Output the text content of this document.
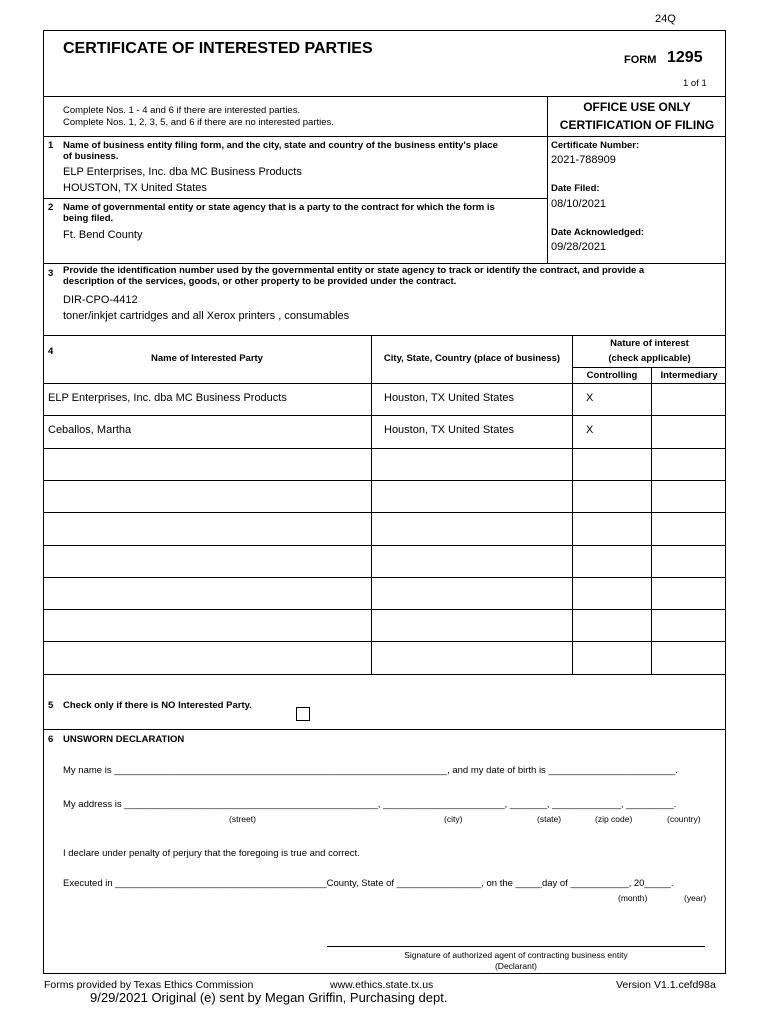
24Q
CERTIFICATE OF INTERESTED PARTIES
FORM 1295
1 of 1
Complete Nos. 1 - 4 and 6 if there are interested parties.
Complete Nos. 1, 2, 3, 5, and 6 if there are no interested parties.
OFFICE USE ONLY
CERTIFICATION OF FILING
Certificate Number:
2021-788909
Date Filed:
08/10/2021
Date Acknowledged:
09/28/2021
1 Name of business entity filing form, and the city, state and country of the business entity's place
of business.
ELP Enterprises, Inc. dba MC Business Products
HOUSTON, TX United States
2 Name of governmental entity or state agency that is a party to the contract for which the form is
being filed.
Ft. Bend County
3 Provide the identification number used by the governmental entity or state agency to track or identify the contract, and provide a
description of the services, goods, or other property to be provided under the contract.
DIR-CPO-4412
toner/inkjet cartridges and all Xerox printers , consumables
4
Name of Interested Party	City, State, Country (place of business)
Nature of interest
(check applicable)
Controlling	Intermediary
ELP Enterprises, Inc. dba MC Business Products	Houston, TX United States	X
Ceballos, Martha	Houston, TX United States	X
5 Check only if there is NO Interested Party.
6 UNSWORN DECLARATION
My name is _______________________________________________________________, and my date of birth is ________________________.
My address is ________________________________________________, _______________________, _______, _____________, _________.
(street)	(city)	(state)	(zip code)	(country)
I declare under penalty of perjury that the foregoing is true and correct.
Executed in ________________________________________County, State of ________________, on the _____day of ___________, 20_____.
(month)	(year)
Signature of authorized agent of contracting business entity
(Declarant)
Forms provided by Texas Ethics Commission	www.ethics.state.tx.us	Version V1.1.cefd98a
9/29/2021 Original (e) sent by Megan Griffin, Purchasing dept.
